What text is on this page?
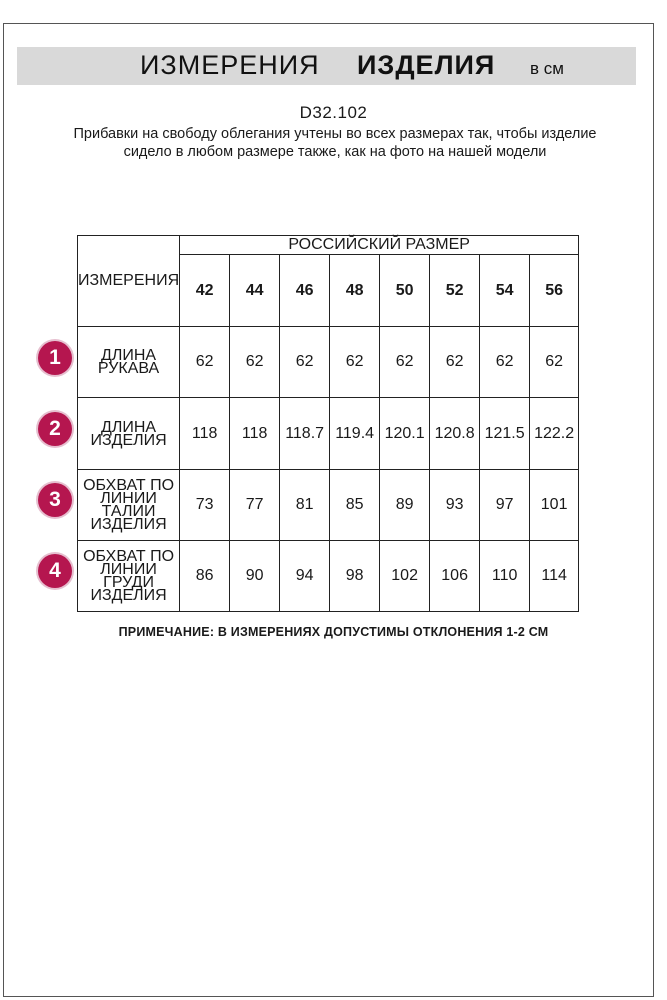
ИЗМЕРЕНИЯ ИЗДЕЛИЯ в см
D32.102
Прибавки на свободу облегания учтены во всех размерах так, чтобы изделие сидело в любом размере также, как на фото на нашей модели
ИЗМЕРЕНИЯ	РОССИЙСКИЙ РАЗМЕР							
	42	44	46	48	50	52	54	56
ДЛИНА РУКАВА	62	62	62	62	62	62	62	62
ДЛИНА ИЗДЕЛИЯ	118	118	118.7	119.4	120.1	120.8	121.5	122.2
ОБХВАТ ПО ЛИНИИ ТАЛИИ ИЗДЕЛИЯ	73	77	81	85	89	93	97	101
ОБХВАТ ПО ЛИНИИ ГРУДИ ИЗДЕЛИЯ	86	90	94	98	102	106	110	114
1
2
3
4
ПРИМЕЧАНИЕ: В ИЗМЕРЕНИЯХ ДОПУСТИМЫ ОТКЛОНЕНИЯ 1-2 СМ
